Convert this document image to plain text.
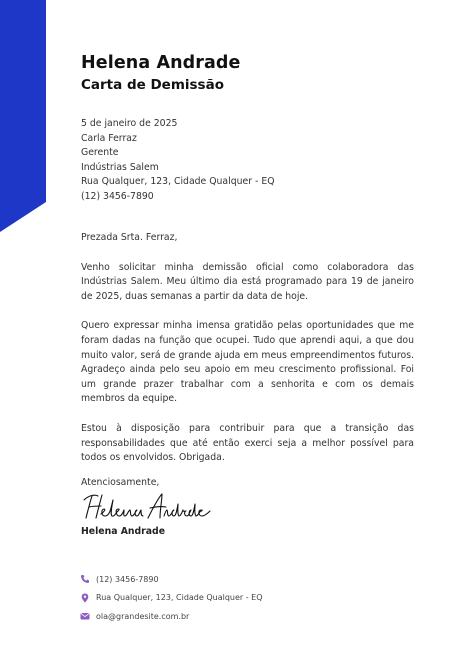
Helena Andrade
Carta de Demissão
5 de janeiro de 2025
Carla Ferraz
Gerente
Indústrias Salem
Rua Qualquer, 123, Cidade Qualquer - EQ
(12) 3456-7890

Prezada Srta. Ferraz,

Venho solicitar minha demissão oficial como colaboradora das Indústrias Salem. Meu último dia está programado para 19 de janeiro de 2025, duas semanas a partir da data de hoje.

Quero expressar minha imensa gratidão pelas oportunidades que me foram dadas na função que ocupei. Tudo que aprendi aqui, a que dou muito valor, será de grande ajuda em meus empreendimentos futuros. Agradeço ainda pelo seu apoio em meu crescimento profissional. Foi um grande prazer trabalhar com a senhorita e com os demais membros da equipe.

Estou à disposição para contribuir para que a transição das responsabilidades que até então exerci seja a melhor possível para todos os envolvidos. Obrigada.

Atenciosamente,
Helena Andrade
(12) 3456-7890
Rua Qualquer, 123, Cidade Qualquer - EQ
ola@grandesite.com.br
